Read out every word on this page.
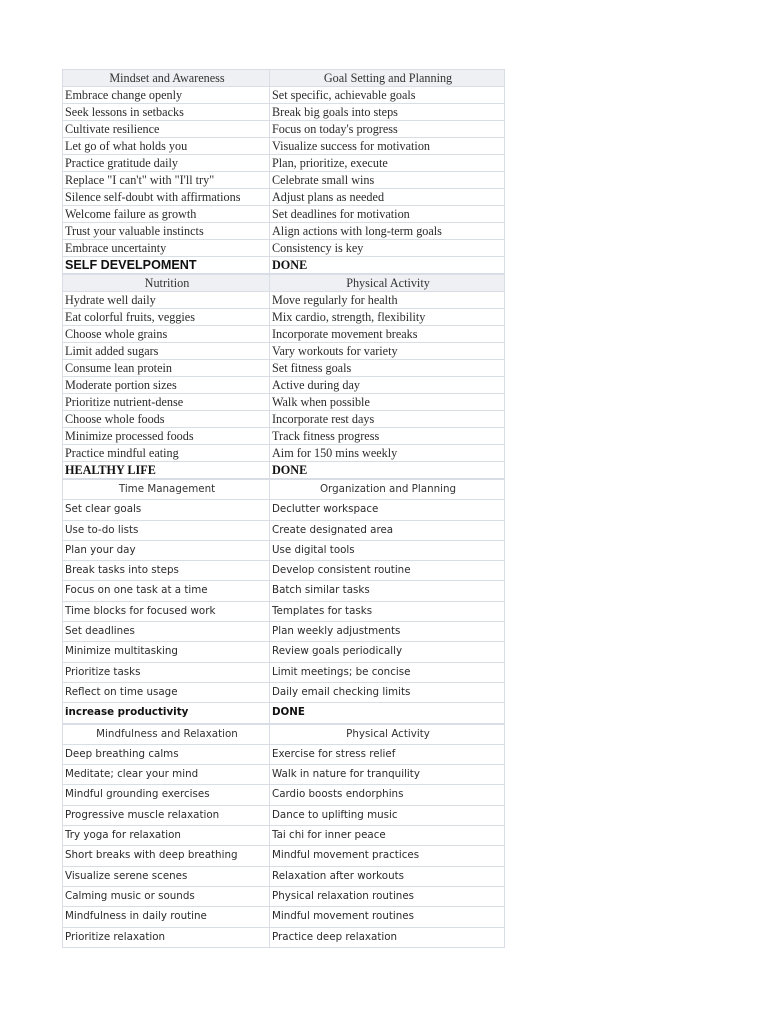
Mindset and Awareness	Goal Setting and Planning
Embrace change openly	Set specific, achievable goals
Seek lessons in setbacks	Break big goals into steps
Cultivate resilience	Focus on today's progress
Let go of what holds you	Visualize success for motivation
Practice gratitude daily	Plan, prioritize, execute
Replace "I can't" with "I'll try"	Celebrate small wins
Silence self-doubt with affirmations	Adjust plans as needed
Welcome failure as growth	Set deadlines for motivation
Trust your valuable instincts	Align actions with long-term goals
Embrace uncertainty	Consistency is key
SELF DEVELPOMENT	DONE
Nutrition	Physical Activity
Hydrate well daily	Move regularly for health
Eat colorful fruits, veggies	Mix cardio, strength, flexibility
Choose whole grains	Incorporate movement breaks
Limit added sugars	Vary workouts for variety
Consume lean protein	Set fitness goals
Moderate portion sizes	Active during day
Prioritize nutrient-dense	Walk when possible
Choose whole foods	Incorporate rest days
Minimize processed foods	Track fitness progress
Practice mindful eating	Aim for 150 mins weekly
HEALTHY LIFE	DONE
Time Management	Organization and Planning
Set clear goals	Declutter workspace
Use to-do lists	Create designated area
Plan your day	Use digital tools
Break tasks into steps	Develop consistent routine
Focus on one task at a time	Batch similar tasks
Time blocks for focused work	Templates for tasks
Set deadlines	Plan weekly adjustments
Minimize multitasking	Review goals periodically
Prioritize tasks	Limit meetings; be concise
Reflect on time usage	Daily email checking limits
increase productivity	DONE
Mindfulness and Relaxation	Physical Activity
Deep breathing calms	Exercise for stress relief
Meditate; clear your mind	Walk in nature for tranquility
Mindful grounding exercises	Cardio boosts endorphins
Progressive muscle relaxation	Dance to uplifting music
Try yoga for relaxation	Tai chi for inner peace
Short breaks with deep breathing	Mindful movement practices
Visualize serene scenes	Relaxation after workouts
Calming music or sounds	Physical relaxation routines
Mindfulness in daily routine	Mindful movement routines
Prioritize relaxation	Practice deep relaxation
